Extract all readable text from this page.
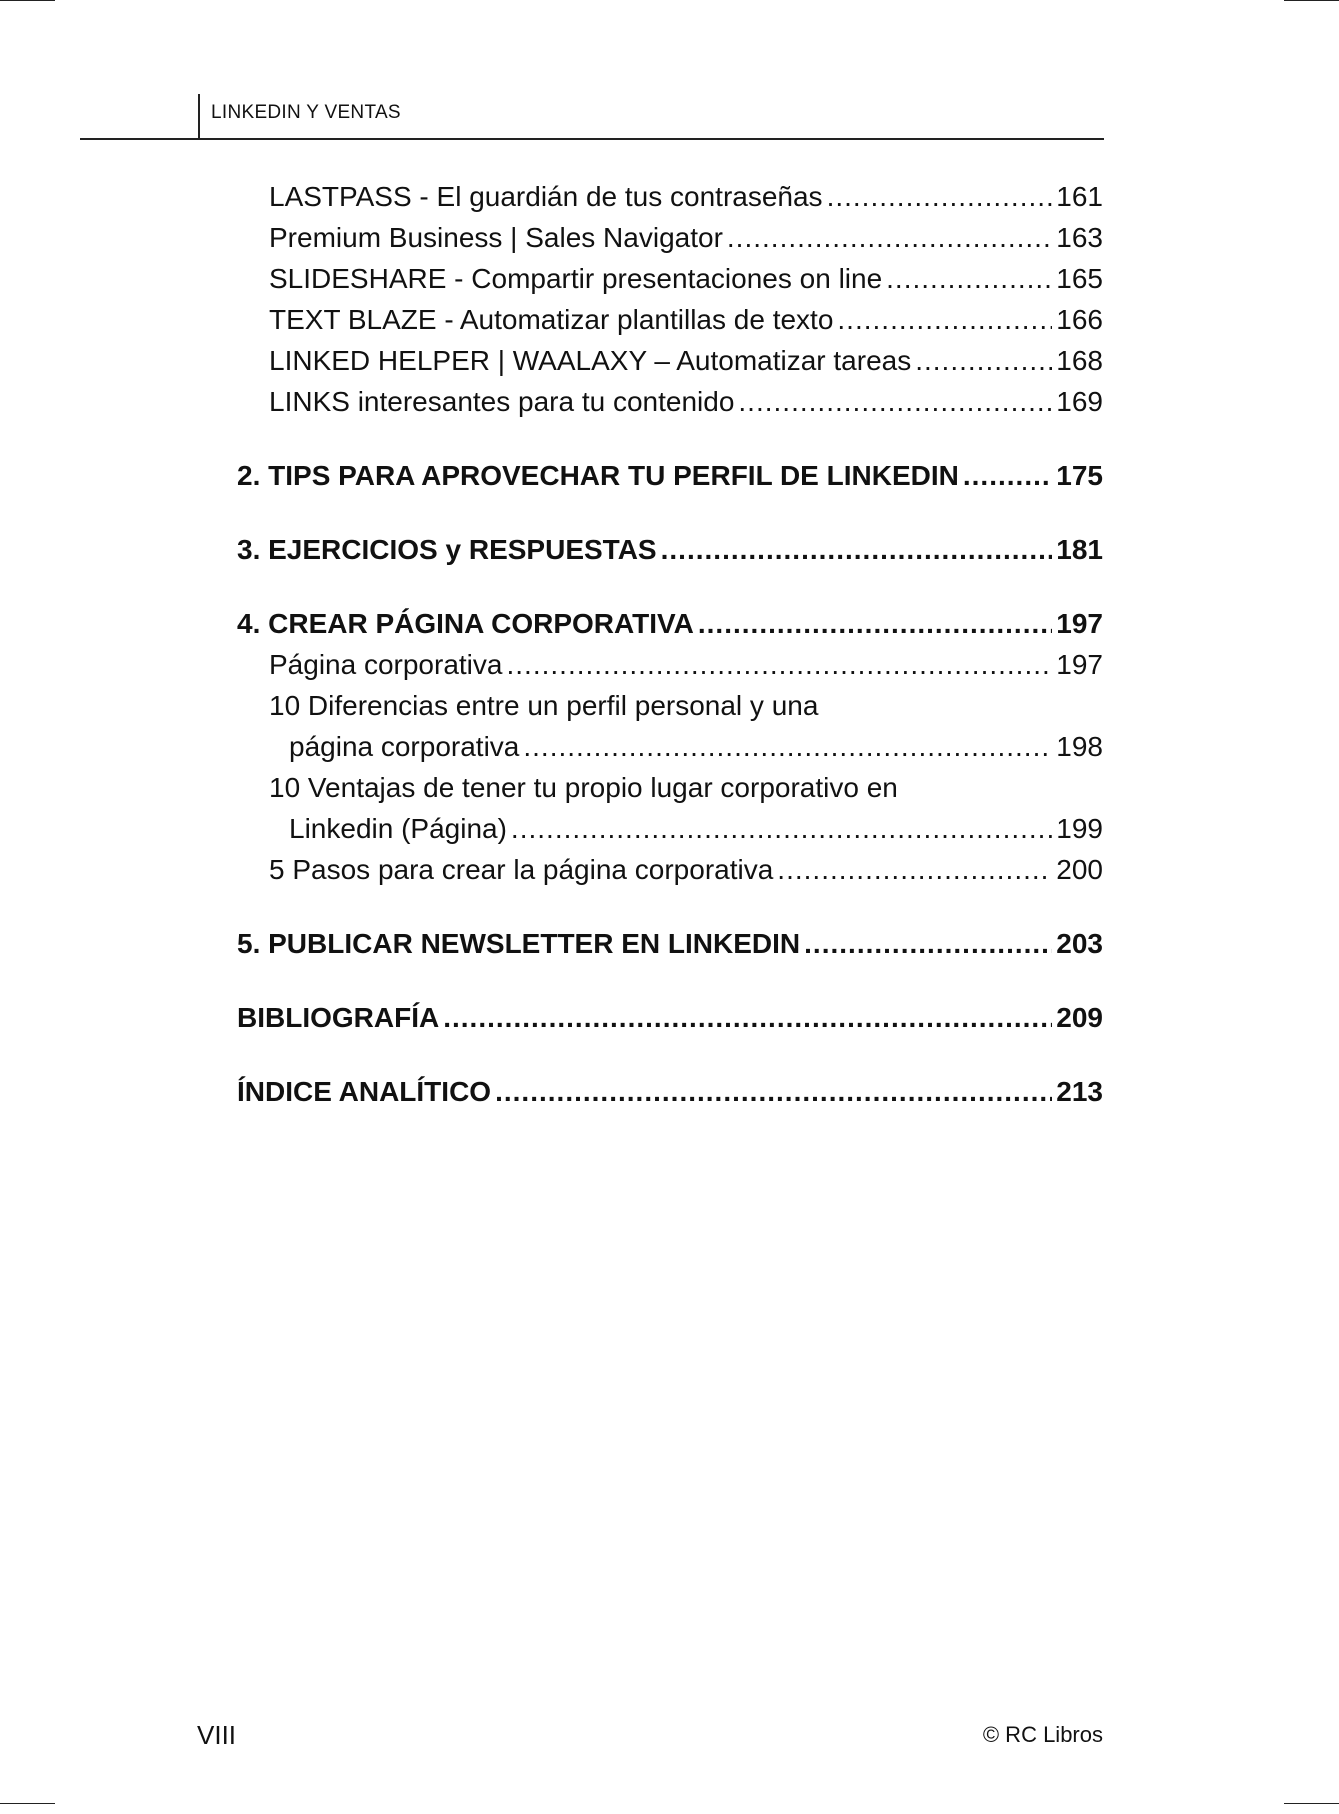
LINKEDIN Y VENTAS
LASTPASS - El guardián de tus contraseñas .....	161
Premium Business | Sales Navigator .....	163
SLIDESHARE - Compartir presentaciones on line .....	165
TEXT BLAZE - Automatizar plantillas de texto .....	166
LINKED HELPER | WAALAXY – Automatizar tareas .....	168
LINKS interesantes para tu contenido .....	169
2. TIPS PARA APROVECHAR TU PERFIL DE LINKEDIN .....	175
3. EJERCICIOS y RESPUESTAS .....	181
4. CREAR PÁGINA CORPORATIVA .....	197
Página corporativa .....	197
10 Diferencias entre un perfil personal y una
página corporativa .....	198
10 Ventajas de tener tu propio lugar corporativo en
Linkedin (Página) .....	199
5 Pasos para crear la página corporativa .....	200
5. PUBLICAR NEWSLETTER EN LINKEDIN .....	203
BIBLIOGRAFÍA .....	209
ÍNDICE ANALÍTICO .....	213
VIII	© RC Libros
